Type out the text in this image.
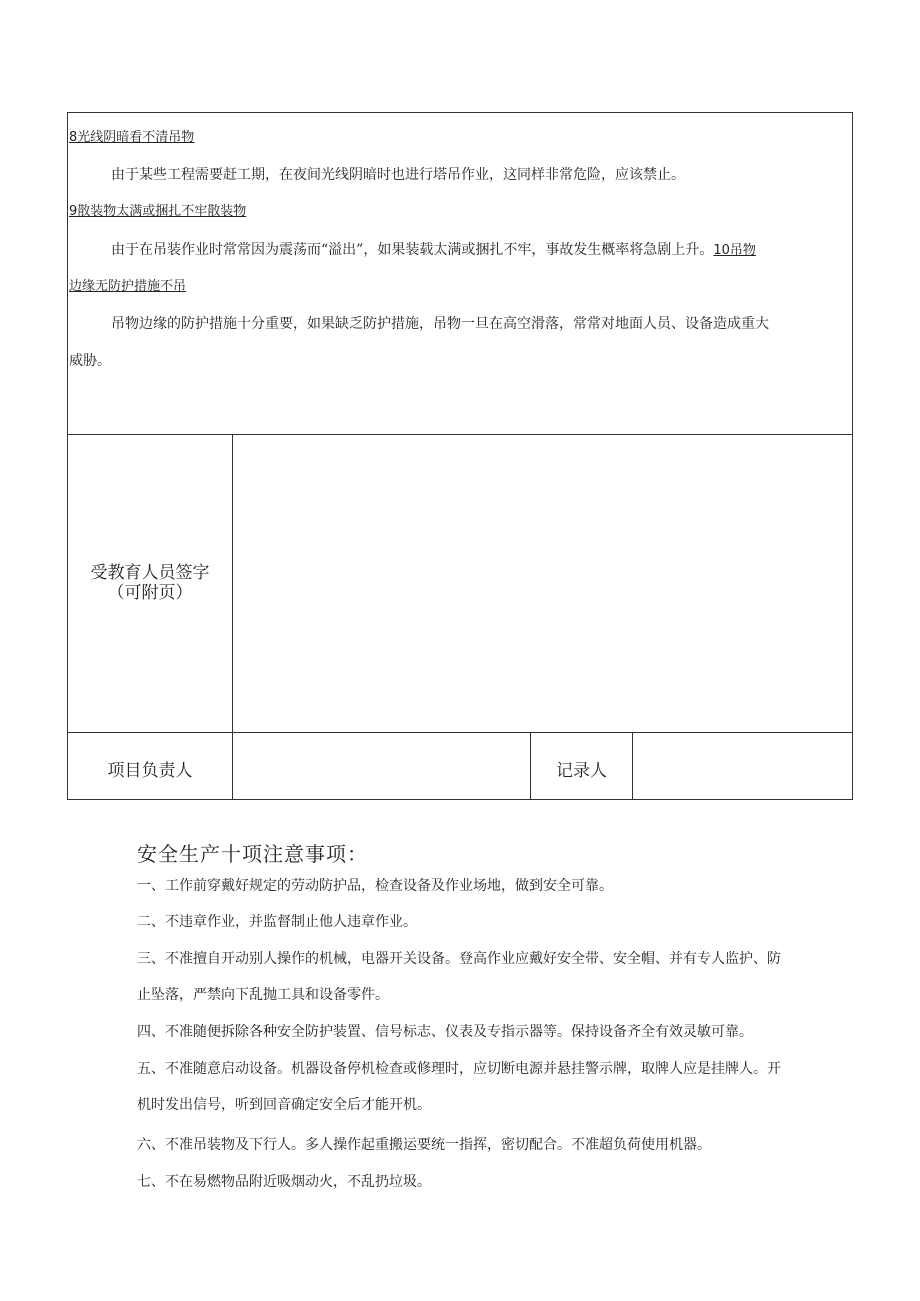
8光线阴暗看不清吊物
由于某些工程需要赶工期，在夜间光线阴暗时也进行塔吊作业，这同样非常危险，应该禁止。
9散装物太满或捆扎不牢散装物
由于在吊装作业时常常因为震荡而“溢出”，如果装载太满或捆扎不牢，事故发生概率将急剧上升。10吊物
边缘无防护措施不吊
吊物边缘的防护措施十分重要，如果缺乏防护措施，吊物一旦在高空滑落，常常对地面人员、设备造成重大
威胁。
受教育人员签字
（可附页）
项目负责人	记录人
安全生产十项注意事项：
一、工作前穿戴好规定的劳动防护品，检查设备及作业场地，做到安全可靠。
二、不违章作业，并监督制止他人违章作业。
三、不准擅自开动别人操作的机械，电器开关设备。登高作业应戴好安全带、安全帽、并有专人监护、防
止坠落，严禁向下乱抛工具和设备零件。
四、不准随便拆除各种安全防护装置、信号标志、仪表及专指示器等。保持设备齐全有效灵敏可靠。
五、不准随意启动设备。机器设备停机检查或修理时，应切断电源并悬挂警示牌，取牌人应是挂牌人。开
机时发出信号，听到回音确定安全后才能开机。
六、不准吊装物及下行人。多人操作起重搬运要统一指挥，密切配合。不准超负荷使用机器。
七、不在易燃物品附近吸烟动火，不乱扔垃圾。
